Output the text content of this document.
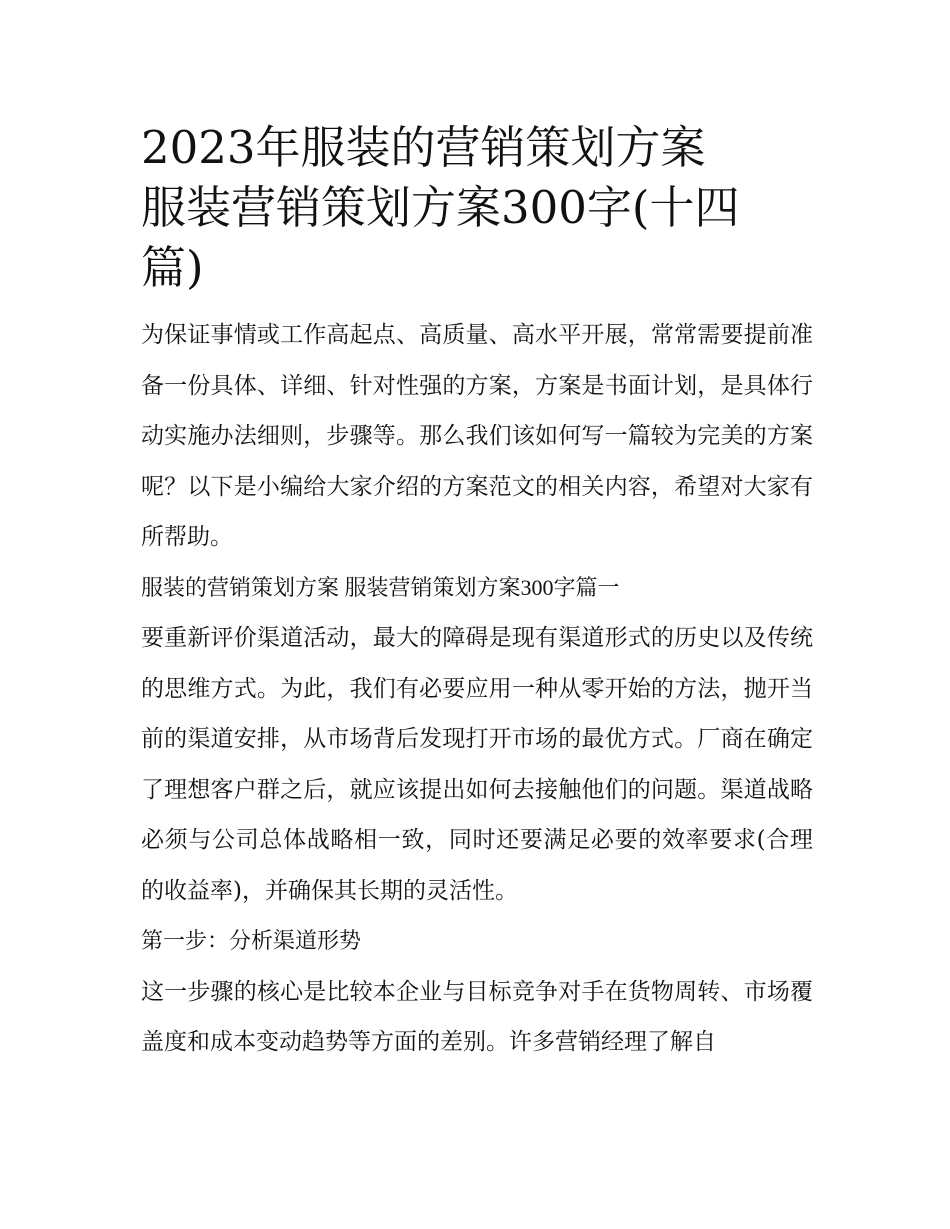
2023年服装的营销策划方案
服装营销策划方案300字(十四
篇)

为保证事情或工作高起点、高质量、高水平开展，常常需要提前准备一份具体、详细、针对性强的方案，方案是书面计划，是具体行动实施办法细则，步骤等。那么我们该如何写一篇较为完美的方案呢？以下是小编给大家介绍的方案范文的相关内容，希望对大家有所帮助。

服装的营销策划方案 服装营销策划方案300字篇一

要重新评价渠道活动，最大的障碍是现有渠道形式的历史以及传统的思维方式。为此，我们有必要应用一种从零开始的方法，抛开当前的渠道安排，从市场背后发现打开市场的最优方式。厂商在确定了理想客户群之后，就应该提出如何去接触他们的问题。渠道战略必须与公司总体战略相一致，同时还要满足必要的效率要求(合理的收益率)，并确保其长期的灵活性。

第一步：分析渠道形势

这一步骤的核心是比较本企业与目标竞争对手在货物周转、市场覆盖度和成本变动趋势等方面的差别。许多营销经理了解自
